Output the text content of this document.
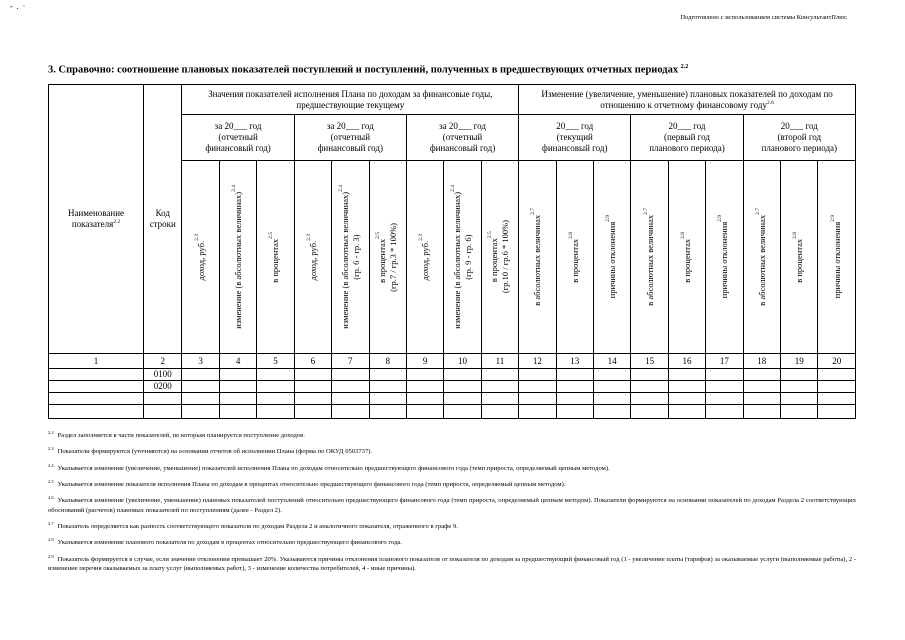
- . ·
Подготовлено с использованием системы КонсультантПлюс
3. Справочно: соотношение плановых показателей поступлений и поступлений, полученных в предшествующих отчетных периодах $^{2.2}$
Наименование показателя$^{2.2}$	Код строки	Значения показателей исполнения Плана по доходам за финансовые годы, предшествующие текущему									Изменение (увеличение, уменьшение) плановых показателей по доходам по отношению к отчетному финансовому году$^{2.6}$
		за 20___ год
(отчетный
финансовый год)			за 20___ год
(отчетный
финансовый год)			за 20___ год
(отчетный
финансовый год)			20___ год
(текущий
финансовый год)			20___ год
(первый год
планового периода)			20___ год
(второй год
планового периода)		

		доход, руб.$^{2.3}$	изменение (в абсолютных величинах)$^{2.4}$	в процентах$^{2.5}$	доход, руб.$^{2.3}$	изменение (в абсолютных величинах)$^{2.4}$
(гр. 6 - гр. 3)	в процентах$^{2.5}$ (гр.7 / гр.3 * 100%)	доход, руб.$^{2.3}$	изменение (в абсолютных величинах)$^{2.4}$
(гр. 9 - гр. 6)	в процентах$^{2.5}$ (гр.10 / гр.6 * 100%)	в абсолютных величинах$^{2.7}$	в процентах$^{2.8}$	причины отклонения$^{2.9}$	в абсолютных величинах$^{2.7}$	в процентах$^{2.8}$	причины отклонения$^{2.9}$	в абсолютных величинах$^{2.7}$	в процентах$^{2.8}$	причины отклонения$^{2.9}$

1	2	3	4	5	6	7	8	9	10	11	12	13	14	15	16	17	18	19	20
	0100																		
	0200																		

$^{2.2}$ Раздел заполняется в части показателей, по которым планируется поступление доходов.
$^{2.3}$ Показатели формируются (уточняются) на основании отчетов об исполнении Плана (форма по ОКУД 0503737).
$^{2.4}$ Указывается изменение (увеличение, уменьшение) показателей исполнения Плана по доходам относительно предшествующего финансового года (темп прироста, определяемый цепным методом).
$^{2.5}$ Указывается изменение показателя исполнения Плана по доходам в процентах относительно предшествующего финансового года (темп прироста, определяемый цепным методом).
$^{2.6}$ Указывается изменение (увеличение, уменьшение) плановых показателей поступлений относительно предшествующего финансового года (темп прироста, определяемый цепным методом). Показатели формируются на основании показателей по доходам Раздела 2 соответствующих обоснований (расчетов) плановых показателей по поступлениям (далее - Раздел 2).
$^{2.7}$ Показатель определяется как разность соответствующего показателя по доходам Раздела 2 и аналогичного показателя, отраженного в графе 9.
$^{2.8}$ Указывается изменение планового показателя по доходам в процентах относительно предшествующего финансового года.
$^{2.9}$ Показатель формируется в случае, если значение отклонения превышает 20%. Указываются причины отклонения планового показателя от показателя по доходам за предшествующий финансовый год (1 - увеличение платы (тарифов) за оказываемые услуги (выполняемые работы), 2 - изменение перечня оказываемых за плату услуг (выполняемых работ), 3 - изменение количества потребителей, 4 - иные причины).
